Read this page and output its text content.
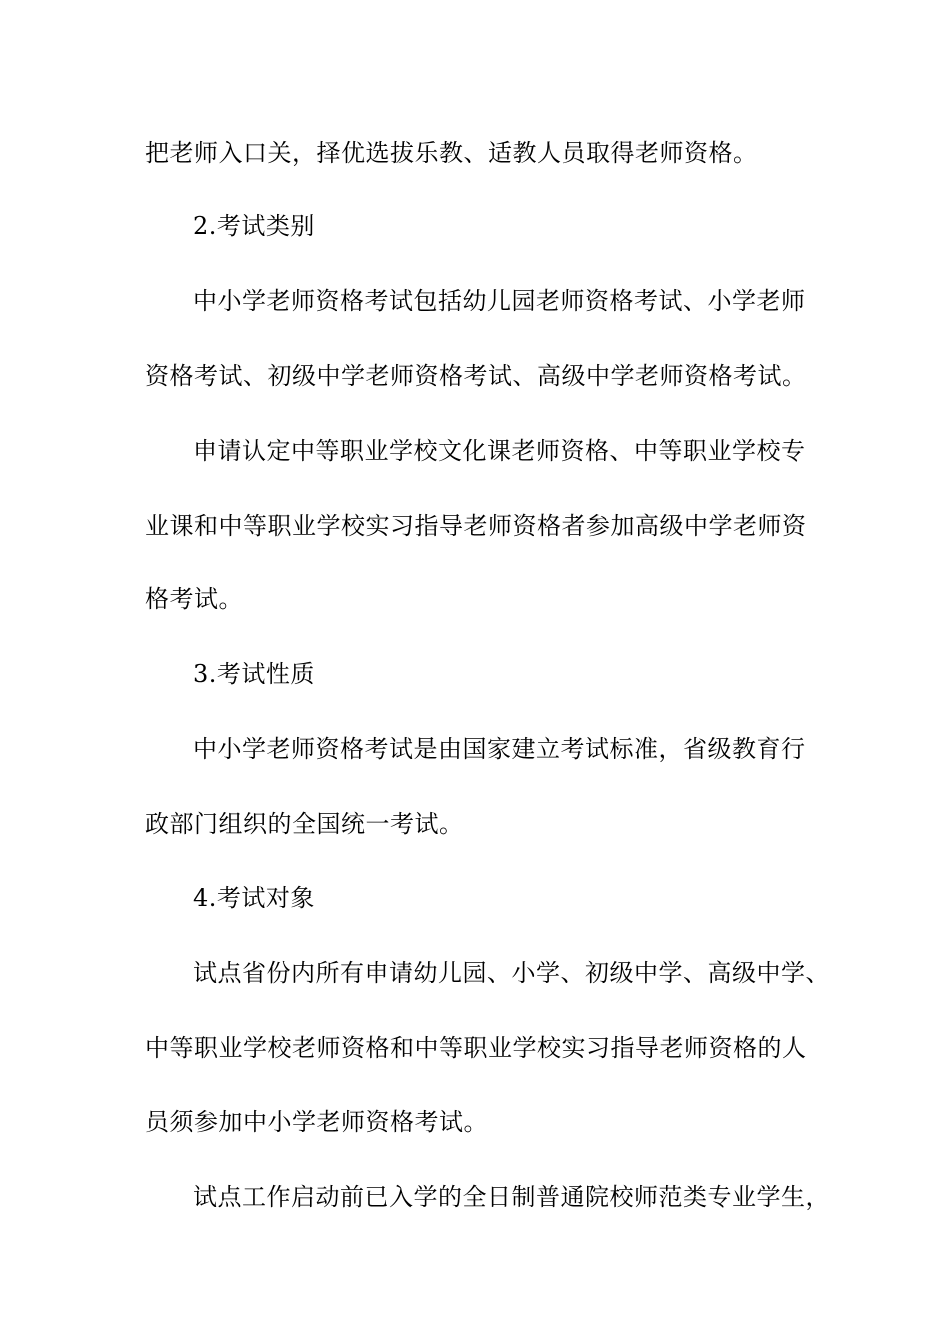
把老师入口关，择优选拔乐教、适教人员取得老师资格。
2.考试类别
中小学老师资格考试包括幼儿园老师资格考试、小学老师
资格考试、初级中学老师资格考试、高级中学老师资格考试。
申请认定中等职业学校文化课老师资格、中等职业学校专
业课和中等职业学校实习指导老师资格者参加高级中学老师资
格考试。
3.考试性质
中小学老师资格考试是由国家建立考试标准，省级教育行
政部门组织的全国统一考试。
4.考试对象
试点省份内所有申请幼儿园、小学、初级中学、高级中学、
中等职业学校老师资格和中等职业学校实习指导老师资格的人
员须参加中小学老师资格考试。
试点工作启动前已入学的全日制普通院校师范类专业学生，
